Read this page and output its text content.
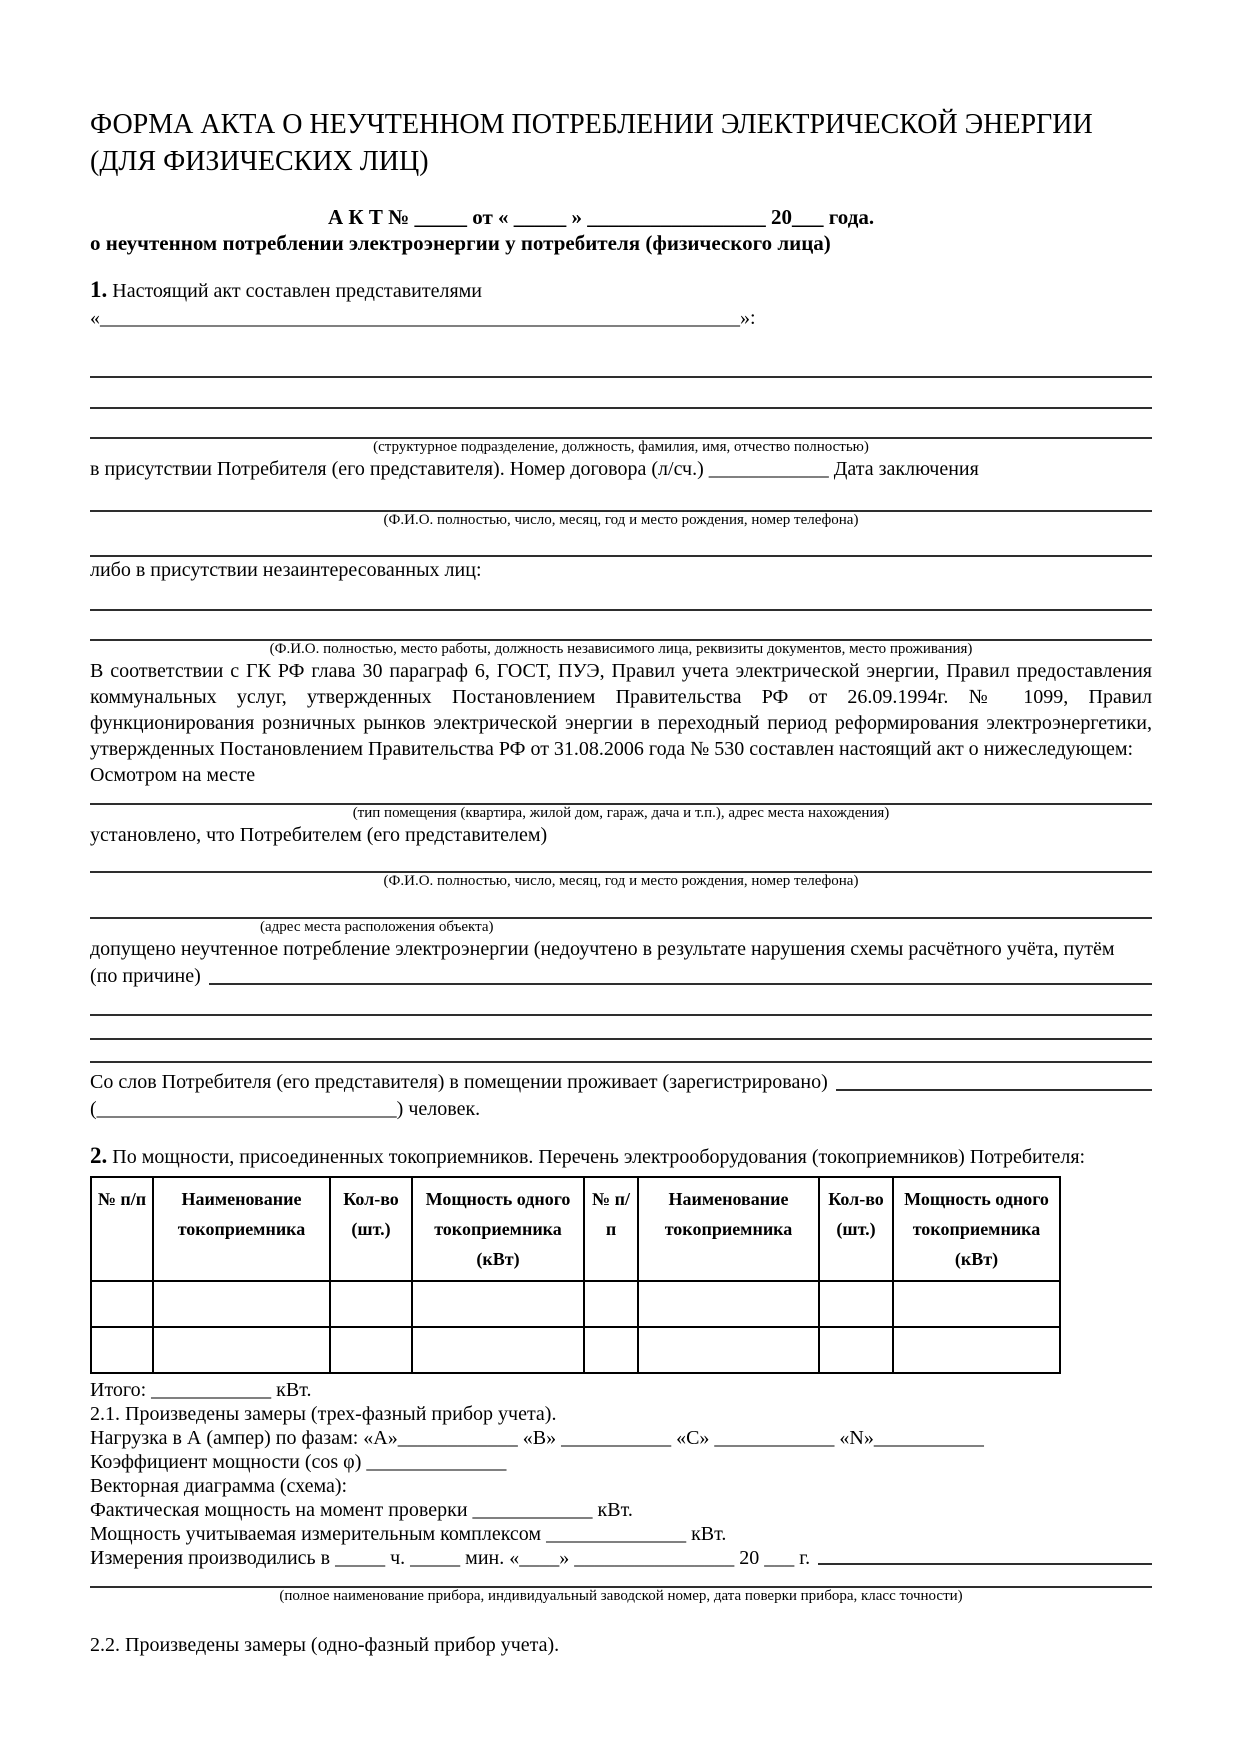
ФОРМА АКТА О НЕУЧТЕННОМ ПОТРЕБЛЕНИИ ЭЛЕКТРИЧЕСКОЙ ЭНЕРГИИ
(ДЛЯ ФИЗИЧЕСКИХ ЛИЦ)
А К Т № _____ от « _____ » _________________ 20___ года.
о неучтенном потреблении электроэнергии у потребителя (физического лица)
1. Настоящий акт составлен представителями «________________________________________________________________»:
(структурное подразделение, должность, фамилия, имя, отчество полностью)
в присутствии Потребителя (его представителя). Номер договора (л/сч.) ____________ Дата заключения
(Ф.И.О. полностью, число, месяц, год и место рождения, номер телефона)
либо в присутствии незаинтересованных лиц:
(Ф.И.О. полностью, место работы, должность независимого лица, реквизиты документов, место проживания)
В соответствии с ГК РФ глава 30 параграф 6, ГОСТ, ПУЭ, Правил учета электрической энергии, Правил предоставления коммунальных услуг, утвержденных Постановлением Правительства РФ от 26.09.1994г. № 1099, Правил функционирования розничных рынков электрической энергии в переходный период реформирования электроэнергетики, утвержденных Постановлением Правительства РФ от 31.08.2006 года № 530 составлен настоящий акт о нижеследующем:
Осмотром на месте
(тип помещения (квартира, жилой дом, гараж, дача и т.п.), адрес места нахождения)
установлено, что Потребителем (его представителем)
(Ф.И.О. полностью, число, месяц, год и место рождения, номер телефона)
(адрес места расположения объекта)
допущено неучтенное потребление электроэнергии (недоучтено в результате нарушения схемы расчётного учёта, путём
(по причине)
Со слов Потребителя (его представителя) в помещении проживает (зарегистрировано)
(______________________________) человек.
2. По мощности, присоединенных токоприемников. Перечень электрооборудования (токоприемников) Потребителя:
№ п/п	Наименование токоприемника	Кол-во (шт.)	Мощность одного токоприемника (кВт)	№ п/п	Наименование токоприемника	Кол-во (шт.)	Мощность одного токоприемника (кВт)

Итого: ____________ кВт.
2.1. Произведены замеры (трех-фазный прибор учета).
Нагрузка в А (ампер) по фазам: «А»____________ «В» ___________ «С» ____________ «N»___________
Коэффициент мощности (cos φ) ______________
Векторная диаграмма (схема):
Фактическая мощность на момент проверки ____________ кВт.
Мощность учитываемая измерительным комплексом ______________ кВт.
Измерения производились в _____ ч. _____ мин. «____» ________________ 20 ___ г.
(полное наименование прибора, индивидуальный заводской номер, дата поверки прибора, класс точности)
2.2. Произведены замеры (одно-фазный прибор учета).
